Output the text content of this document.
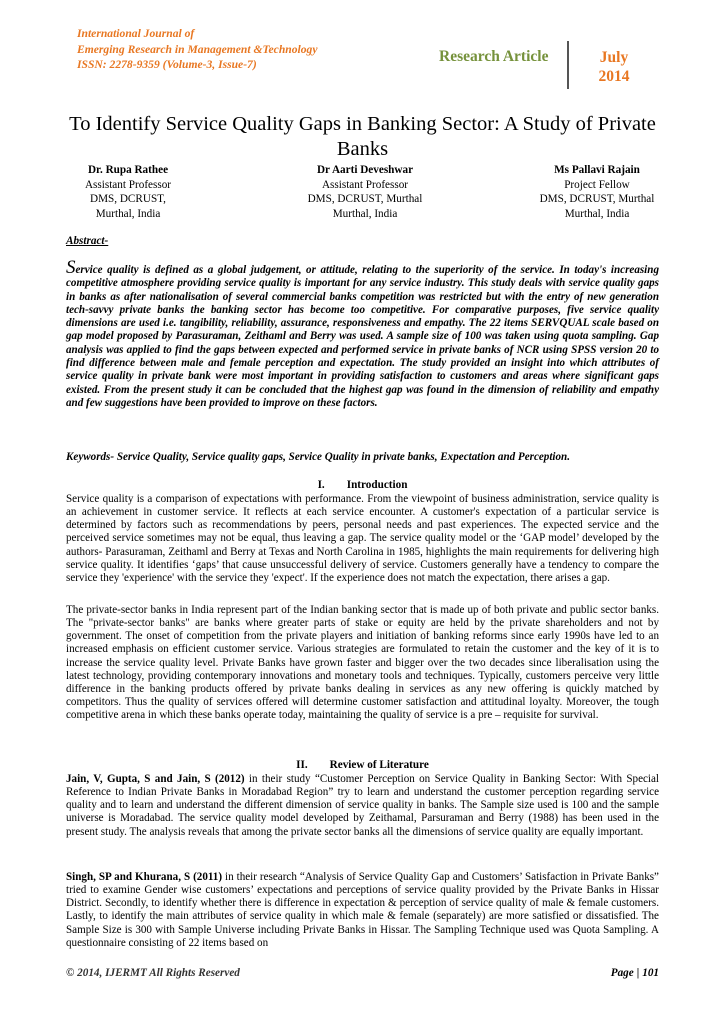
International Journal of
Emerging Research in Management &Technology
ISSN: 2278-9359 (Volume-3, Issue-7)	Research Article	July
2014
To Identify Service Quality Gaps in Banking Sector: A Study of Private Banks
Dr. Rupa Rathee
Assistant Professor
DMS, DCRUST,
Murthal, India
Dr Aarti Deveshwar
Assistant Professor
DMS, DCRUST, Murthal
Murthal, India
Ms Pallavi Rajain
Project Fellow
DMS, DCRUST, Murthal
Murthal, India
Abstract-
Service quality is defined as a global judgement, or attitude, relating to the superiority of the service. In today's increasing competitive atmosphere providing service quality is important for any service industry. This study deals with service quality gaps in banks as after nationalisation of several commercial banks competition was restricted but with the entry of new generation tech-savvy private banks the banking sector has become too competitive. For comparative purposes, five service quality dimensions are used i.e. tangibility, reliability, assurance, responsiveness and empathy. The 22 items SERVQUAL scale based on gap model proposed by Parasuraman, Zeithaml and Berry was used. A sample size of 100 was taken using quota sampling. Gap analysis was applied to find the gaps between expected and performed service in private banks of NCR using SPSS version 20 to find difference between male and female perception and expectation. The study provided an insight into which attributes of service quality in private bank were most important in providing satisfaction to customers and areas where significant gaps existed. From the present study it can be concluded that the highest gap was found in the dimension of reliability and empathy and few suggestions have been provided to improve on these factors.
Keywords- Service Quality, Service quality gaps, Service Quality in private banks, Expectation and Perception.
I. Introduction
Service quality is a comparison of expectations with performance. From the viewpoint of business administration, service quality is an achievement in customer service. It reflects at each service encounter. A customer's expectation of a particular service is determined by factors such as recommendations by peers, personal needs and past experiences. The expected service and the perceived service sometimes may not be equal, thus leaving a gap. The service quality model or the ‘GAP model’ developed by the authors- Parasuraman, Zeithaml and Berry at Texas and North Carolina in 1985, highlights the main requirements for delivering high service quality. It identifies ‘gaps’ that cause unsuccessful delivery of service. Customers generally have a tendency to compare the service they 'experience' with the service they 'expect'. If the experience does not match the expectation, there arises a gap.
The private-sector banks in India represent part of the Indian banking sector that is made up of both private and public sector banks. The "private-sector banks" are banks where greater parts of stake or equity are held by the private shareholders and not by government. The onset of competition from the private players and initiation of banking reforms since early 1990s have led to an increased emphasis on efficient customer service. Various strategies are formulated to retain the customer and the key of it is to increase the service quality level. Private Banks have grown faster and bigger over the two decades since liberalisation using the latest technology, providing contemporary innovations and monetary tools and techniques. Typically, customers perceive very little difference in the banking products offered by private banks dealing in services as any new offering is quickly matched by competitors. Thus the quality of services offered will determine customer satisfaction and attitudinal loyalty. Moreover, the tough competitive arena in which these banks operate today, maintaining the quality of service is a pre – requisite for survival.
II. Review of Literature
Jain, V, Gupta, S and Jain, S (2012) in their study “Customer Perception on Service Quality in Banking Sector: With Special Reference to Indian Private Banks in Moradabad Region” try to learn and understand the customer perception regarding service quality and to learn and understand the different dimension of service quality in banks. The Sample size used is 100 and the sample universe is Moradabad. The service quality model developed by Zeithamal, Parsuraman and Berry (1988) has been used in the present study. The analysis reveals that among the private sector banks all the dimensions of service quality are equally important.
Singh, SP and Khurana, S (2011) in their research “Analysis of Service Quality Gap and Customers’ Satisfaction in Private Banks” tried to examine Gender wise customers’ expectations and perceptions of service quality provided by the Private Banks in Hissar District. Secondly, to identify whether there is difference in expectation & perception of service quality of male & female customers. Lastly, to identify the main attributes of service quality in which male & female (separately) are more satisfied or dissatisfied. The Sample Size is 300 with Sample Universe including Private Banks in Hissar. The Sampling Technique used was Quota Sampling. A questionnaire consisting of 22 items based on
© 2014, IJERMT All Rights Reserved	Page | 101
